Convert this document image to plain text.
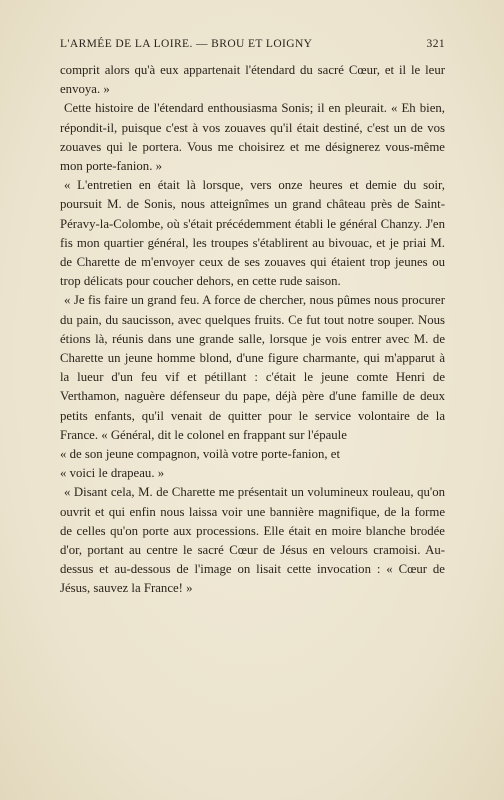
L'ARMÉE DE LA LOIRE. — BROU ET LOIGNY	321

comprit alors qu'à eux appartenait l'étendard du sacré Cœur, et il le leur envoya. »

Cette histoire de l'étendard enthousiasma Sonis; il en pleurait. « Eh bien, répondit-il, puisque c'est à vos zouaves qu'il était destiné, c'est un de vos zouaves qui le portera. Vous me choisirez et me désignerez vous-même mon porte-fanion. »

« L'entretien en était là lorsque, vers onze heures et demie du soir, poursuit M. de Sonis, nous atteignîmes un grand château près de Saint-Péravy-la-Colombe, où s'était précédemment établi le général Chanzy. J'en fis mon quartier général, les troupes s'établirent au bivouac, et je priai M. de Charette de m'envoyer ceux de ses zouaves qui étaient trop jeunes ou trop délicats pour coucher dehors, en cette rude saison.

« Je fis faire un grand feu. A force de chercher, nous pûmes nous procurer du pain, du saucisson, avec quelques fruits. Ce fut tout notre souper. Nous étions là, réunis dans une grande salle, lorsque je vois entrer avec M. de Charette un jeune homme blond, d'une figure charmante, qui m'apparut à la lueur d'un feu vif et pétillant : c'était le jeune comte Henri de Verthamon, naguère défenseur du pape, déjà père d'une famille de deux petits enfants, qu'il venait de quitter pour le service volontaire de la France. « Général, dit le colonel en frappant sur l'épaule

« de son jeune compagnon, voilà votre porte-fanion, et

« voici le drapeau. »

« Disant cela, M. de Charette me présentait un volumineux rouleau, qu'on ouvrit et qui enfin nous laissa voir une bannière magnifique, de la forme de celles qu'on porte aux processions. Elle était en moire blanche brodée d'or, portant au centre le sacré Cœur de Jésus en velours cramoisi. Au-dessus et au-dessous de l'image on lisait cette invocation : « Cœur de Jésus, sauvez la France! »
